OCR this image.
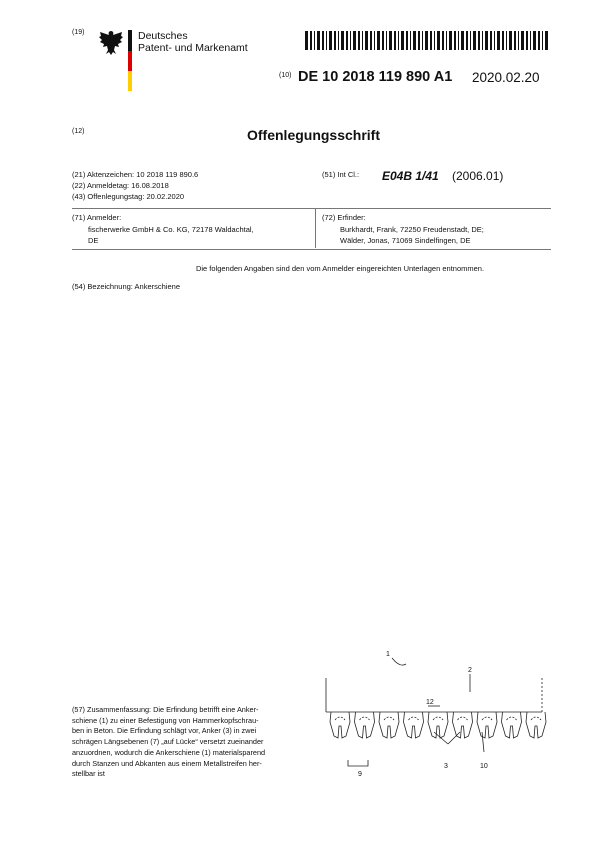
(19)	Deutsches
Patent- und Markenamt
(10) DE 10 2018 119 890 A1 2020.02.20
(12)	Offenlegungsschrift
(21) Aktenzeichen: 10 2018 119 890.6
(22) Anmeldetag: 16.08.2018
(43) Offenlegungstag: 20.02.2020
(51) Int Cl.: E04B 1/41 (2006.01)
(71) Anmelder:
fischerwerke GmbH & Co. KG, 72178 Waldachtal,
DE
(72) Erfinder:
Burkhardt, Frank, 72250 Freudenstadt, DE;
Wälder, Jonas, 71069 Sindelfingen, DE
Die folgenden Angaben sind den vom Anmelder eingereichten Unterlagen entnommen.
(54) Bezeichnung: Ankerschiene
(57) Zusammenfassung: Die Erfindung betrifft eine Anker-
schiene (1) zu einer Befestigung von Hammerkopfschrau-
ben in Beton. Die Erfindung schlägt vor, Anker (3) in zwei
schrägen Längsebenen (7) „auf Lücke“ versetzt zueinander
anzuordnen, wodurch die Ankerschiene (1) materialsparend
durch Stanzen und Abkanten aus einem Metallstreifen her-
stellbar ist
1
2
12
9
3	10
